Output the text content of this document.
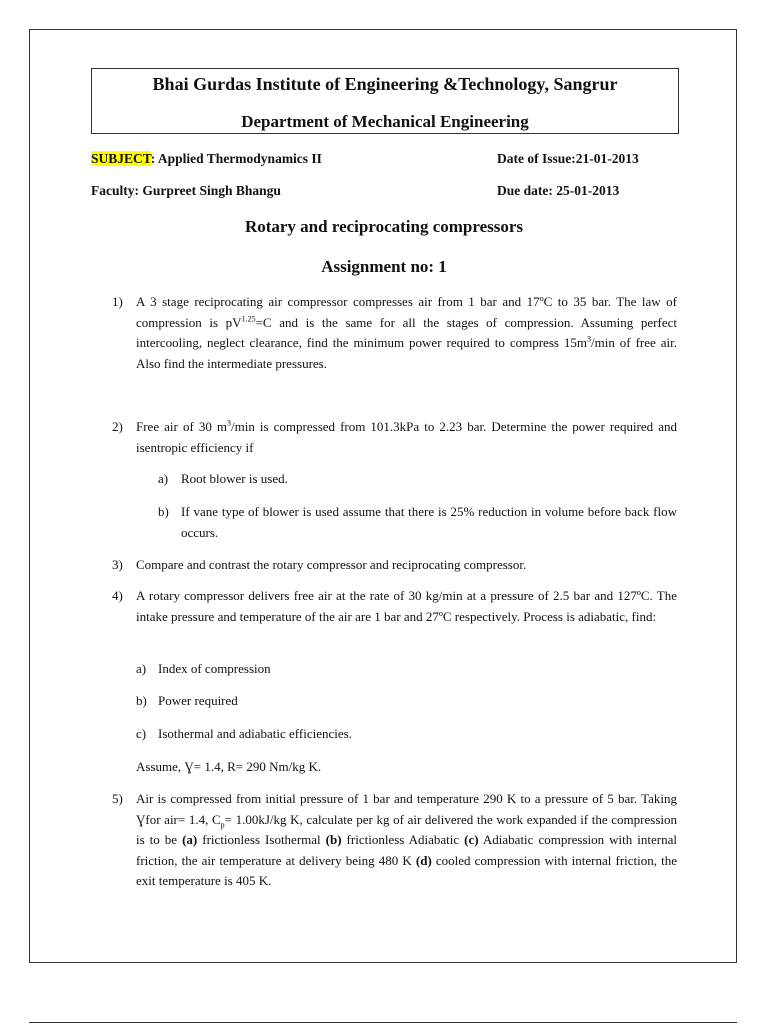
Bhai Gurdas Institute of Engineering &Technology, Sangrur
Department of Mechanical Engineering
SUBJECT: Applied Thermodynamics II	Date of Issue:21-01-2013
Faculty: Gurpreet Singh Bhangu	Due date: 25-01-2013
Rotary and reciprocating compressors
Assignment no: 1
1)	A 3 stage reciprocating air compressor compresses air from 1 bar and 17ºC to 35 bar. The law of compression is $pV^{1.25}=C$ and is the same for all the stages of compression. Assuming perfect intercooling, neglect clearance, find the minimum power required to compress $15m^3/\min$ of free air. Also find the intermediate pressures.
2)	Free air of 30 $m^3/\min$ is compressed from 101.3kPa to 2.23 bar. Determine the power required and isentropic efficiency if
a) Root blower is used.
b) If vane type of blower is used assume that there is 25% reduction in volume before back flow occurs.
3)	Compare and contrast the rotary compressor and reciprocating compressor.
4)	A rotary compressor delivers free air at the rate of 30 kg/min at a pressure of 2.5 bar and 127ºC. The intake pressure and temperature of the air are 1 bar and 27ºC respectively. Process is adiabatic, find:
a) Index of compression
b) Power required
c) Isothermal and adiabatic efficiencies.
Assume, Ɣ= 1.4, R= 290 Nm/kg K.
5)	Air is compressed from initial pressure of 1 bar and temperature 290 K to a pressure of 5 bar. Taking Ɣfor air= 1.4, $C_p= 1.00kJ/kg$ K, calculate per kg of air delivered the work expanded if the compression is to be (a) frictionless Isothermal (b) frictionless Adiabatic (c) Adiabatic compression with internal friction, the air temperature at delivery being 480 K (d) cooled compression with internal friction, the exit temperature is 405 K.
